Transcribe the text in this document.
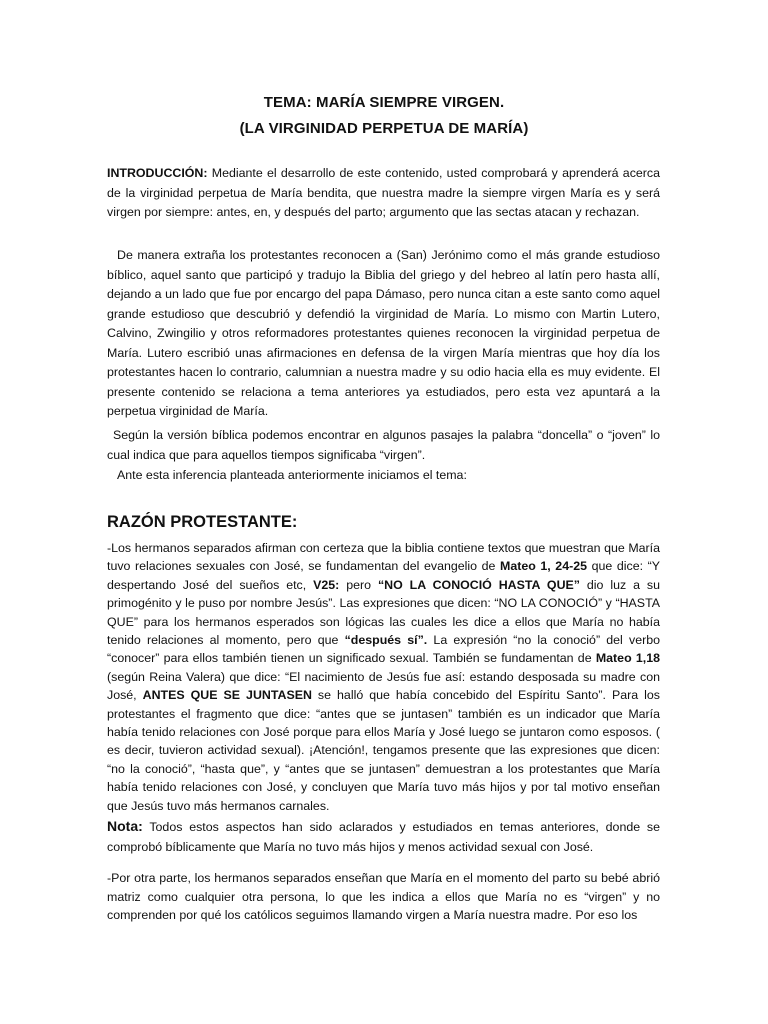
TEMA: MARÍA SIEMPRE VIRGEN.
(LA VIRGINIDAD PERPETUA DE MARÍA)

INTRODUCCIÓN: Mediante el desarrollo de este contenido, usted comprobará y aprenderá acerca de la virginidad perpetua de María bendita, que nuestra madre la siempre virgen María es y será virgen por siempre: antes, en, y después del parto; argumento que las sectas atacan y rechazan.

De manera extraña los protestantes reconocen a (San) Jerónimo como el más grande estudioso bíblico, aquel santo que participó y tradujo la Biblia del griego y del hebreo al latín pero hasta allí, dejando a un lado que fue por encargo del papa Dámaso, pero nunca citan a este santo como aquel grande estudioso que descubrió y defendió la virginidad de María. Lo mismo con Martin Lutero, Calvino, Zwingilio y otros reformadores protestantes quienes reconocen la virginidad perpetua de María. Lutero escribió unas afirmaciones en defensa de la virgen María mientras que hoy día los protestantes hacen lo contrario, calumnian a nuestra madre y su odio hacia ella es muy evidente. El presente contenido se relaciona a tema anteriores ya estudiados, pero esta vez apuntará a la perpetua virginidad de María.

Según la versión bíblica podemos encontrar en algunos pasajes la palabra “doncella” o “joven” lo cual indica que para aquellos tiempos significaba “virgen”.

Ante esta inferencia planteada anteriormente iniciamos el tema:

RAZÓN PROTESTANTE:

-Los hermanos separados afirman con certeza que la biblia contiene textos que muestran que María tuvo relaciones sexuales con José, se fundamentan del evangelio de Mateo 1, 24-25 que dice: “Y despertando José del sueños etc, V25: pero “NO LA CONOCIÓ HASTA QUE” dio luz a su primogénito y le puso por nombre Jesús”. Las expresiones que dicen: “NO LA CONOCIÓ” y “HASTA QUE” para los hermanos esperados son lógicas las cuales les dice a ellos que María no había tenido relaciones al momento, pero que “después sí”. La expresión “no la conoció” del verbo “conocer” para ellos también tienen un significado sexual. También se fundamentan de Mateo 1,18 (según Reina Valera) que dice: “El nacimiento de Jesús fue así: estando desposada su madre con José, ANTES QUE SE JUNTASEN se halló que había concebido del Espíritu Santo”. Para los protestantes el fragmento que dice: “antes que se juntasen” también es un indicador que María había tenido relaciones con José porque para ellos María y José luego se juntaron como esposos. ( es decir, tuvieron actividad sexual). ¡Atención!, tengamos presente que las expresiones que dicen: “no la conoció”, “hasta que”, y “antes que se juntasen” demuestran a los protestantes que María había tenido relaciones con José, y concluyen que María tuvo más hijos y por tal motivo enseñan que Jesús tuvo más hermanos carnales.

Nota: Todos estos aspectos han sido aclarados y estudiados en temas anteriores, donde se comprobó bíblicamente que María no tuvo más hijos y menos actividad sexual con José.

-Por otra parte, los hermanos separados enseñan que María en el momento del parto su bebé abrió matriz como cualquier otra persona, lo que les indica a ellos que María no es “virgen” y no comprenden por qué los católicos seguimos llamando virgen a María nuestra madre. Por eso los
